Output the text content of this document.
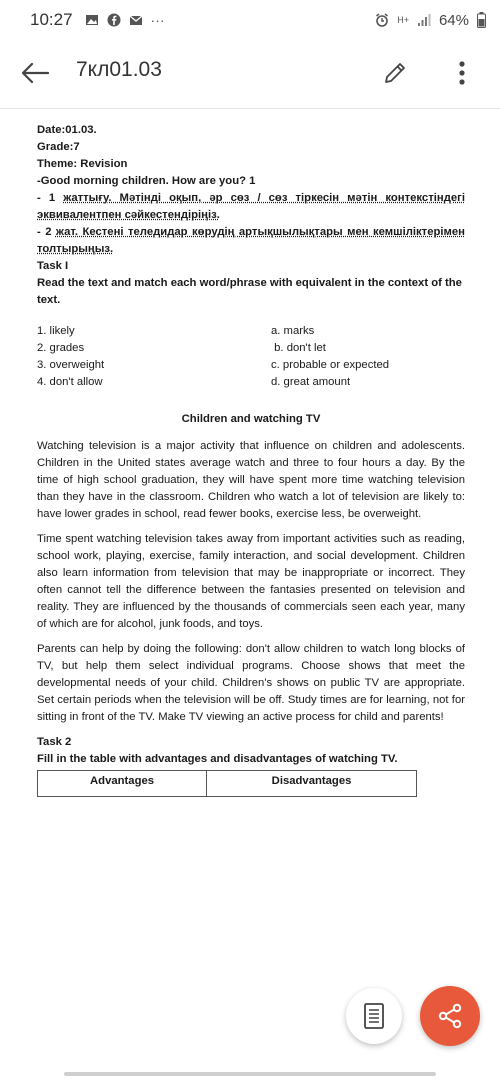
10:27	···	H+ 64%
7кл01.03
Date:01.03.
Grade:7
Theme: Revision
-Good morning children. How are you? 1
- 1 жаттығу. Мәтінді оқып, әр сөз / сөз тіркесін мәтін контекстіндегі эквивалентпен сәйкестендіріңіз.
- 2 жат. Кестені теледидар көрудің артықшылықтары мен кемшіліктерімен толтырыңыз.
Task I
Read the text and match each word/phrase with equivalent in the context of the text.
1. likely	a. marks
2. grades	b. don't let
3. overweight	c. probable or expected
4. don't allow	d. great amount
Children and watching TV

Watching television is a major activity that influence on children and adolescents. Children in the United states average watch and three to four hours a day. By the time of high school graduation, they will have spent more time watching television than they have in the classroom. Children who watch a lot of television are likely to: have lower grades in school, read fewer books, exercise less, be overweight.

Time spent watching television takes away from important activities such as reading, school work, playing, exercise, family interaction, and social development. Children also learn information from television that may be inappropriate or incorrect. They often cannot tell the difference between the fantasies presented on television and reality. They are influenced by the thousands of commercials seen each year, many of which are for alcohol, junk foods, and toys.

Parents can help by doing the following: don't allow children to watch long blocks of TV, but help them select individual programs. Choose shows that meet the developmental needs of your child. Children's shows on public TV are appropriate. Set certain periods when the television will be off. Study times are for learning, not for sitting in front of the TV. Make TV viewing an active process for child and parents!

Task 2
Fill in the table with advantages and disadvantages of watching TV.
Advantages	Disadvantages
